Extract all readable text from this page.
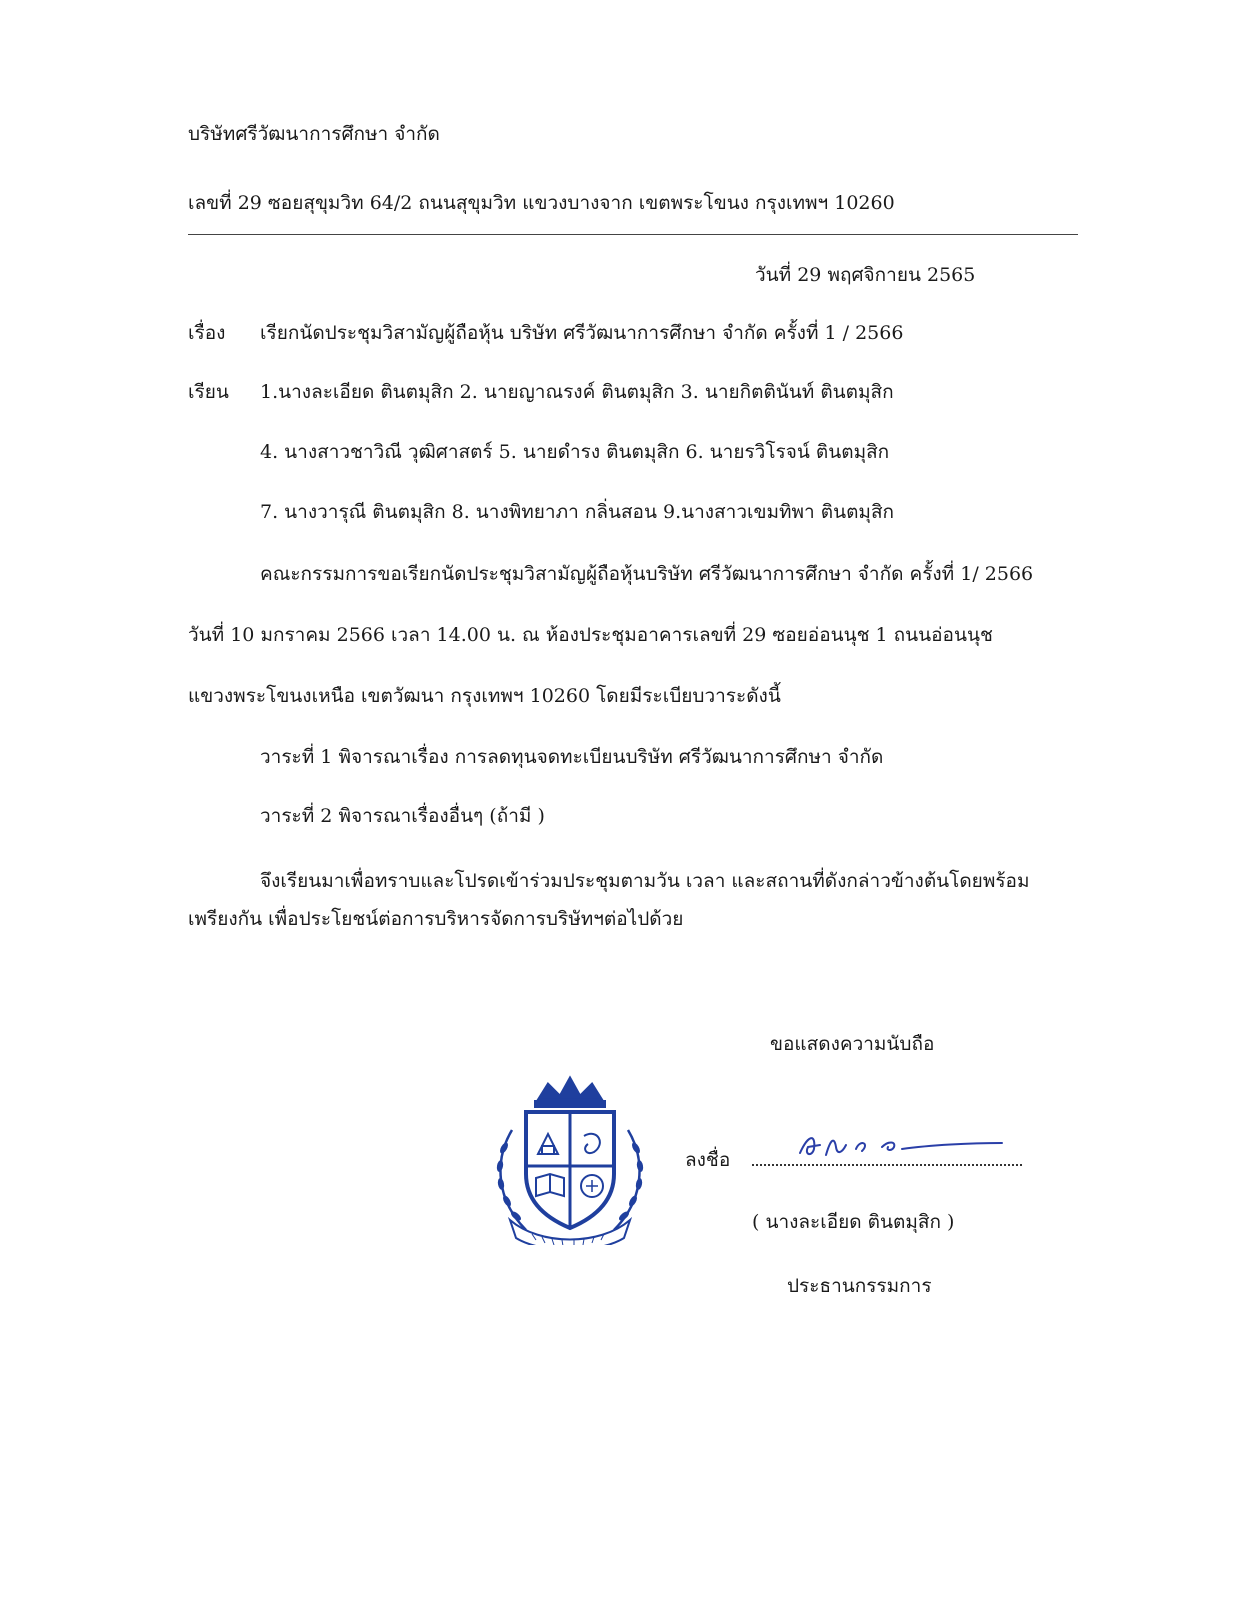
บริษัทศรีวัฒนาการศึกษา จำกัด
เลขที่ 29 ซอยสุขุมวิท 64/2 ถนนสุขุมวิท แขวงบางจาก เขตพระโขนง กรุงเทพฯ 10260
วันที่ 29 พฤศจิกายน 2565
เรื่อง เรียกนัดประชุมวิสามัญผู้ถือหุ้น บริษัท ศรีวัฒนาการศึกษา จำกัด ครั้งที่ 1 / 2566
เรียน 1.นางละเอียด ตินตมุสิก 2. นายญาณรงค์ ตินตมุสิก 3. นายกิตตินันท์ ตินตมุสิก
4. นางสาวชาวิณี วุฒิศาสตร์ 5. นายดำรง ตินตมุสิก 6. นายรวิโรจน์ ตินตมุสิก
7. นางวารุณี ตินตมุสิก 8. นางพิทยาภา กลิ่นสอน 9.นางสาวเขมทิพา ตินตมุสิก
คณะกรรมการขอเรียกนัดประชุมวิสามัญผู้ถือหุ้นบริษัท ศรีวัฒนาการศึกษา จำกัด ครั้งที่ 1/ 2566
วันที่ 10 มกราคม 2566 เวลา 14.00 น. ณ ห้องประชุมอาคารเลขที่ 29 ซอยอ่อนนุช 1 ถนนอ่อนนุช
แขวงพระโขนงเหนือ เขตวัฒนา กรุงเทพฯ 10260 โดยมีระเบียบวาระดังนี้
วาระที่ 1 พิจารณาเรื่อง การลดทุนจดทะเบียนบริษัท ศรีวัฒนาการศึกษา จำกัด
วาระที่ 2 พิจารณาเรื่องอื่นๆ (ถ้ามี )
จึงเรียนมาเพื่อทราบและโปรดเข้าร่วมประชุมตามวัน เวลา และสถานที่ดังกล่าวข้างต้นโดยพร้อม
เพรียงกัน เพื่อประโยชน์ต่อการบริหารจัดการบริษัทฯต่อไปด้วย
ขอแสดงความนับถือ
ลงชื่อ
( นางละเอียด ตินตมุสิก )
ประธานกรรมการ
